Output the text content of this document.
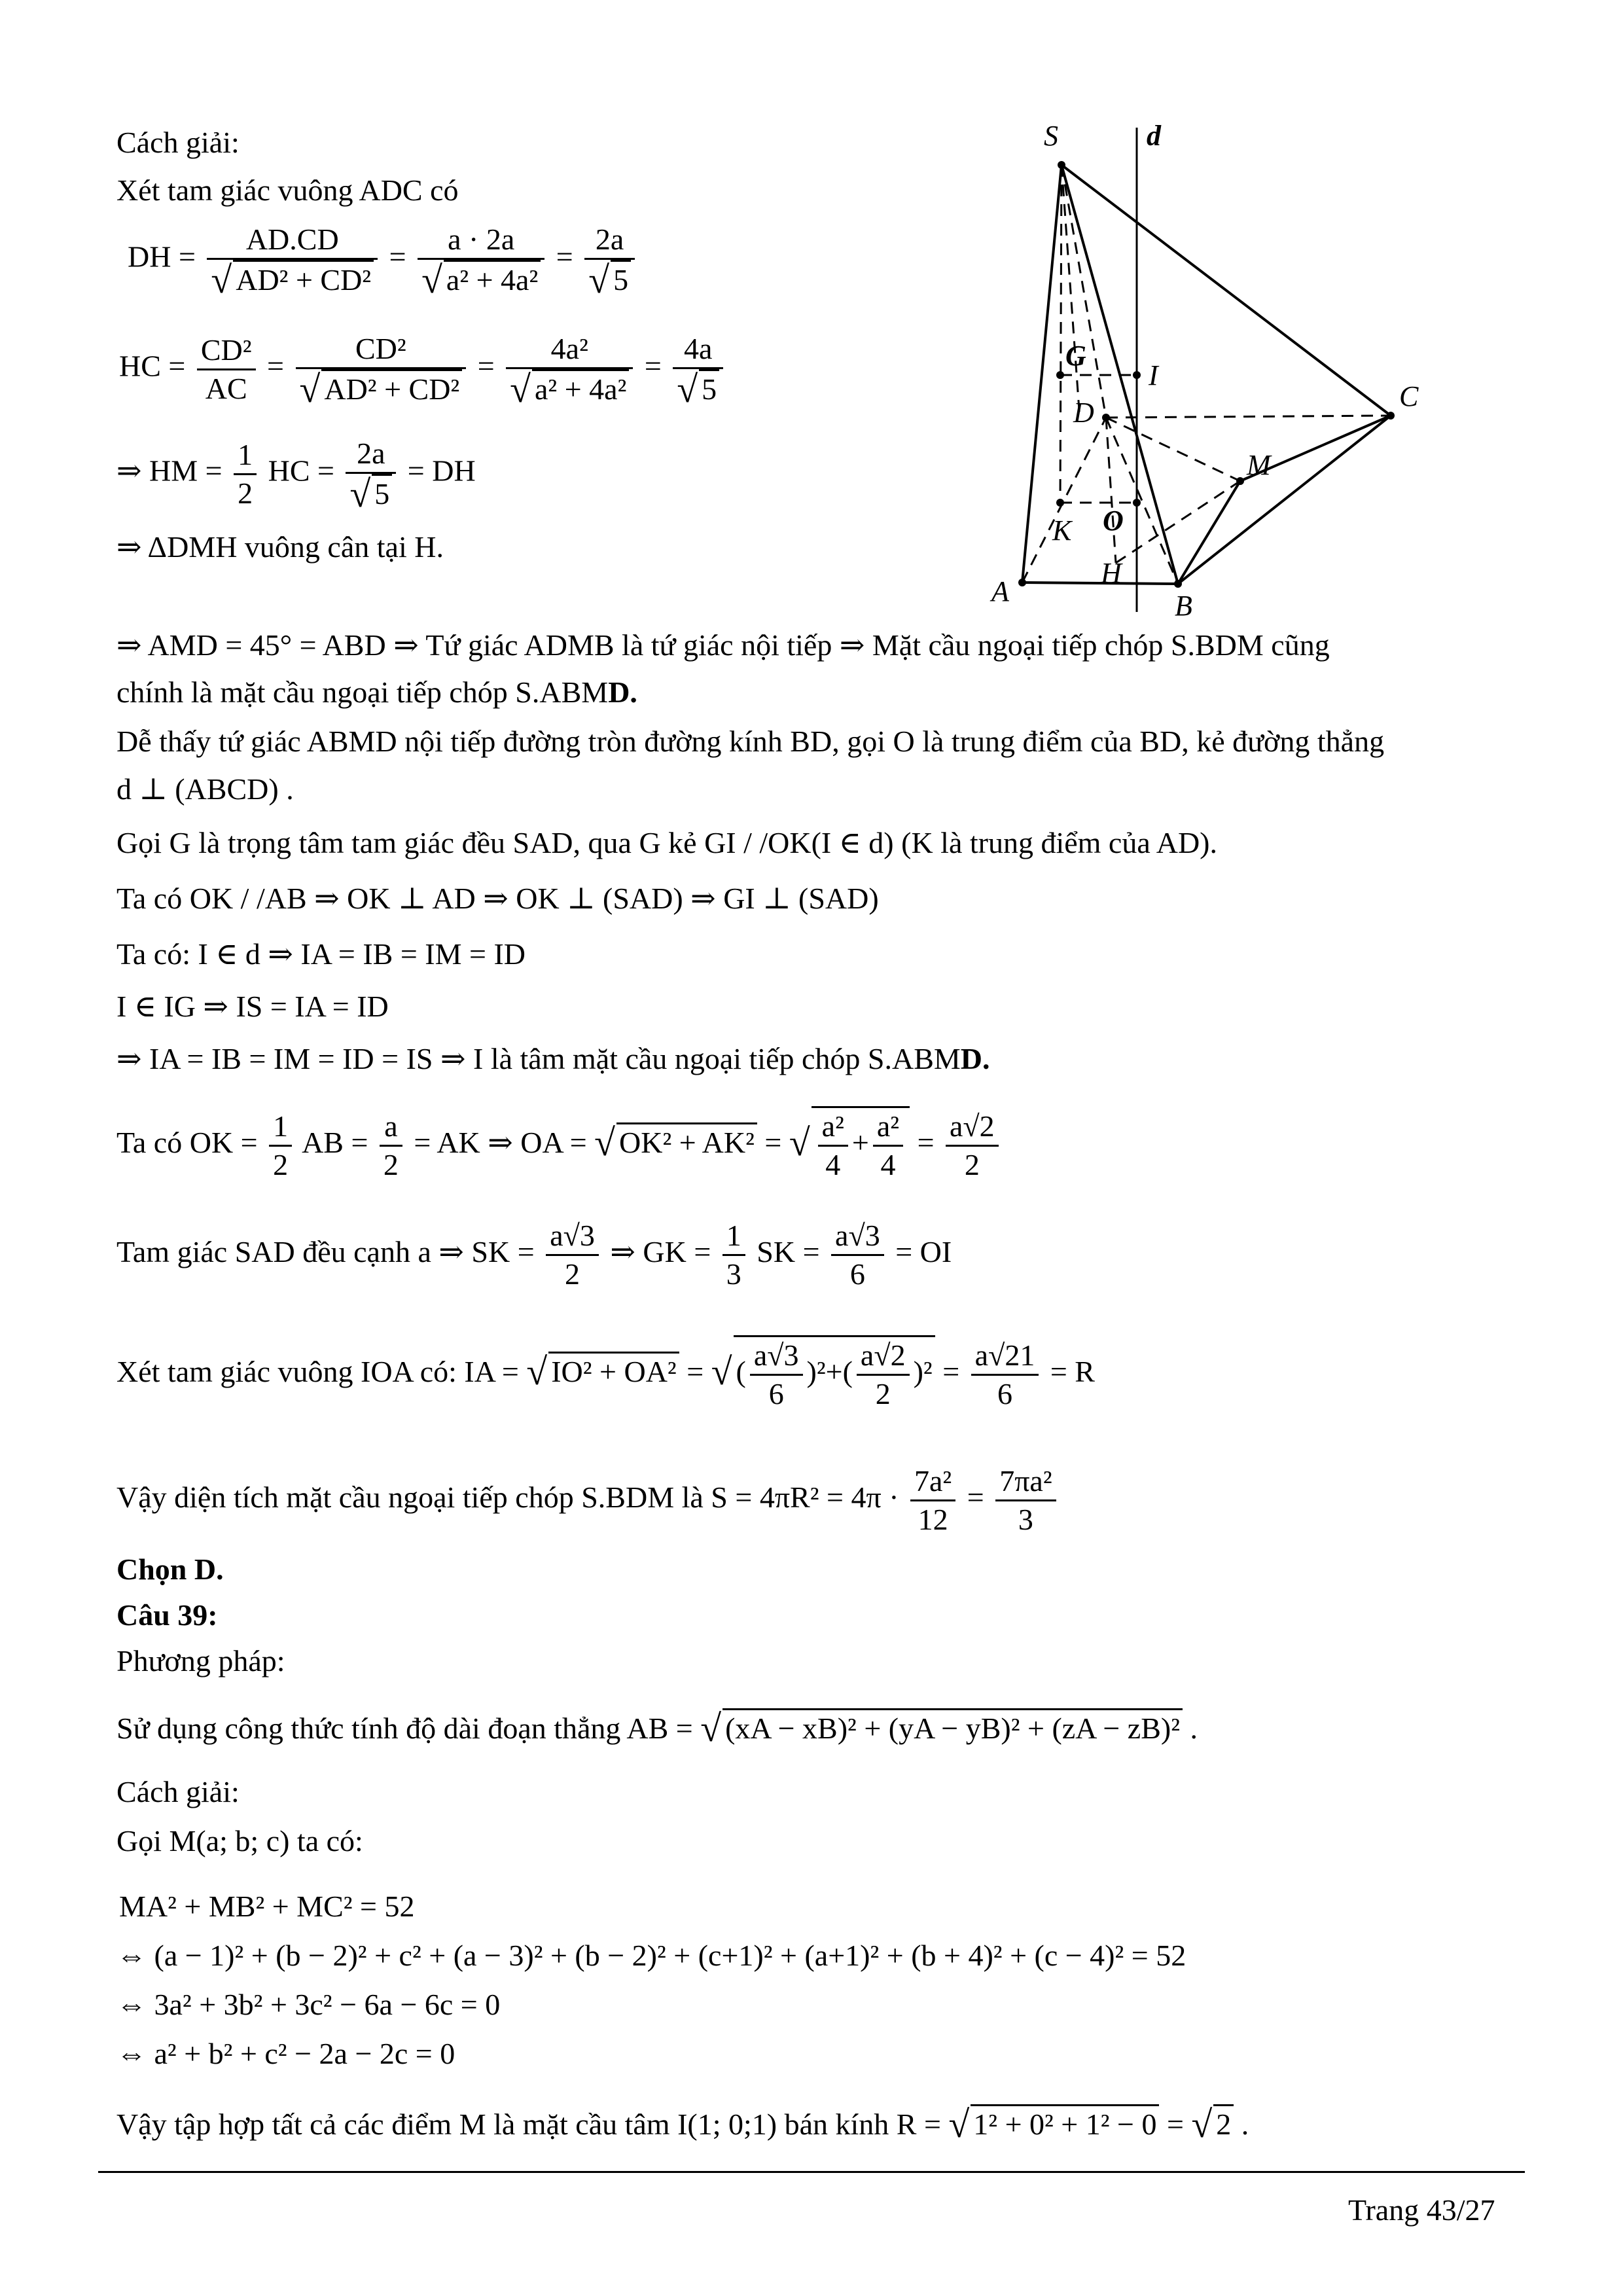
S	d
G
I
C
D
M
K O
H
A	B
Cách giải:
Xét tam giác vuông ADC có
DH = $\frac{AD.CD}{\text{√ AD² + CD²}} = \frac{a \cdot 2a}{\text{√ a² + 4a²}} = \frac{2a}{√ 5}$
HC = $\frac{\text{CD²}}{AC} = \frac{\text{CD²}}{\text{√ AD² + CD²}} = \frac{\text{4a²}}{\text{√ a² + 4a²}} = \frac{4a}{√ 5}$
⇒ HM = $\frac{1}{2}$ HC = $\frac{2a}{√ 5}$ = DH
⇒ ΔDMH vuông cân tại H.
⇒ AMD = 45° = ABD ⇒ Tứ giác ADMB là tứ giác nội tiếp ⇒ Mặt cầu ngoại tiếp chóp S.BDM cũng
chính là mặt cầu ngoại tiếp chóp S.ABMD.
Dễ thấy tứ giác ABMD nội tiếp đường tròn đường kính BD, gọi O là trung điểm của BD, kẻ đường thẳng
d ⊥ (ABCD) .
Gọi G là trọng tâm tam giác đều SAD, qua G kẻ GI / /OK(I ∈ d) (K là trung điểm của AD).
Ta có OK / /AB ⇒ OK ⊥ AD ⇒ OK ⊥ (SAD) ⇒ GI ⊥ (SAD)
Ta có: I ∈ d ⇒ IA = IB = IM = ID
I ∈ IG ⇒ IS = IA = ID
⇒ IA = IB = IM = ID = IS ⇒ I là tâm mặt cầu ngoại tiếp chóp S.ABMD.
Ta có OK = $\frac{1}{2}$ AB = $\frac{a}{2}$ = AK ⇒ OA = √ OK² + AK² = √ $\frac{\text{a²}}{4} + \frac{\text{a²}}{4} = \frac{a√2}{2}$
Tam giác SAD đều cạnh a ⇒ SK = $\frac{a√3}{2}$ ⇒ GK = $\frac{1}{3}$ SK = $\frac{a√3}{6}$ = OI
Xét tam giác vuông IOA có: IA = √ IO² + OA² = √ ( $\frac{a√3}{6} )^2+( \frac{a√2}{2} )^2 = \frac{a√21}{6} = R$
Vậy diện tích mặt cầu ngoại tiếp chóp S.BDM là $S = 4\pi R^2 = 4\pi \cdot \frac{\text{7a²}}{12} = \frac{\text{7πa²}}{3}$
Chọn D.
Câu 39:
Phương pháp:
Sử dụng công thức tính độ dài đoạn thẳng AB = √ (xA − xB)² + (yA − yB)² + (zA − zB)² .
Cách giải:
Gọi M(a; b; c) ta có:
MA² + MB² + MC² = 52
⇔ (a − 1)² + (b − 2)² + c² + (a − 3)² + (b − 2)² + (c+1)² + (a+1)² + (b + 4)² + (c − 4)² = 52
⇔ 3a² + 3b² + 3c² − 6a − 6c = 0
⇔ a² + b² + c² − 2a − 2c = 0
Vậy tập hợp tất cả các điểm M là mặt cầu tâm I(1; 0;1) bán kính R = √ 1² + 0² + 1² − 0 = √ 2 .
Trang 43/27
